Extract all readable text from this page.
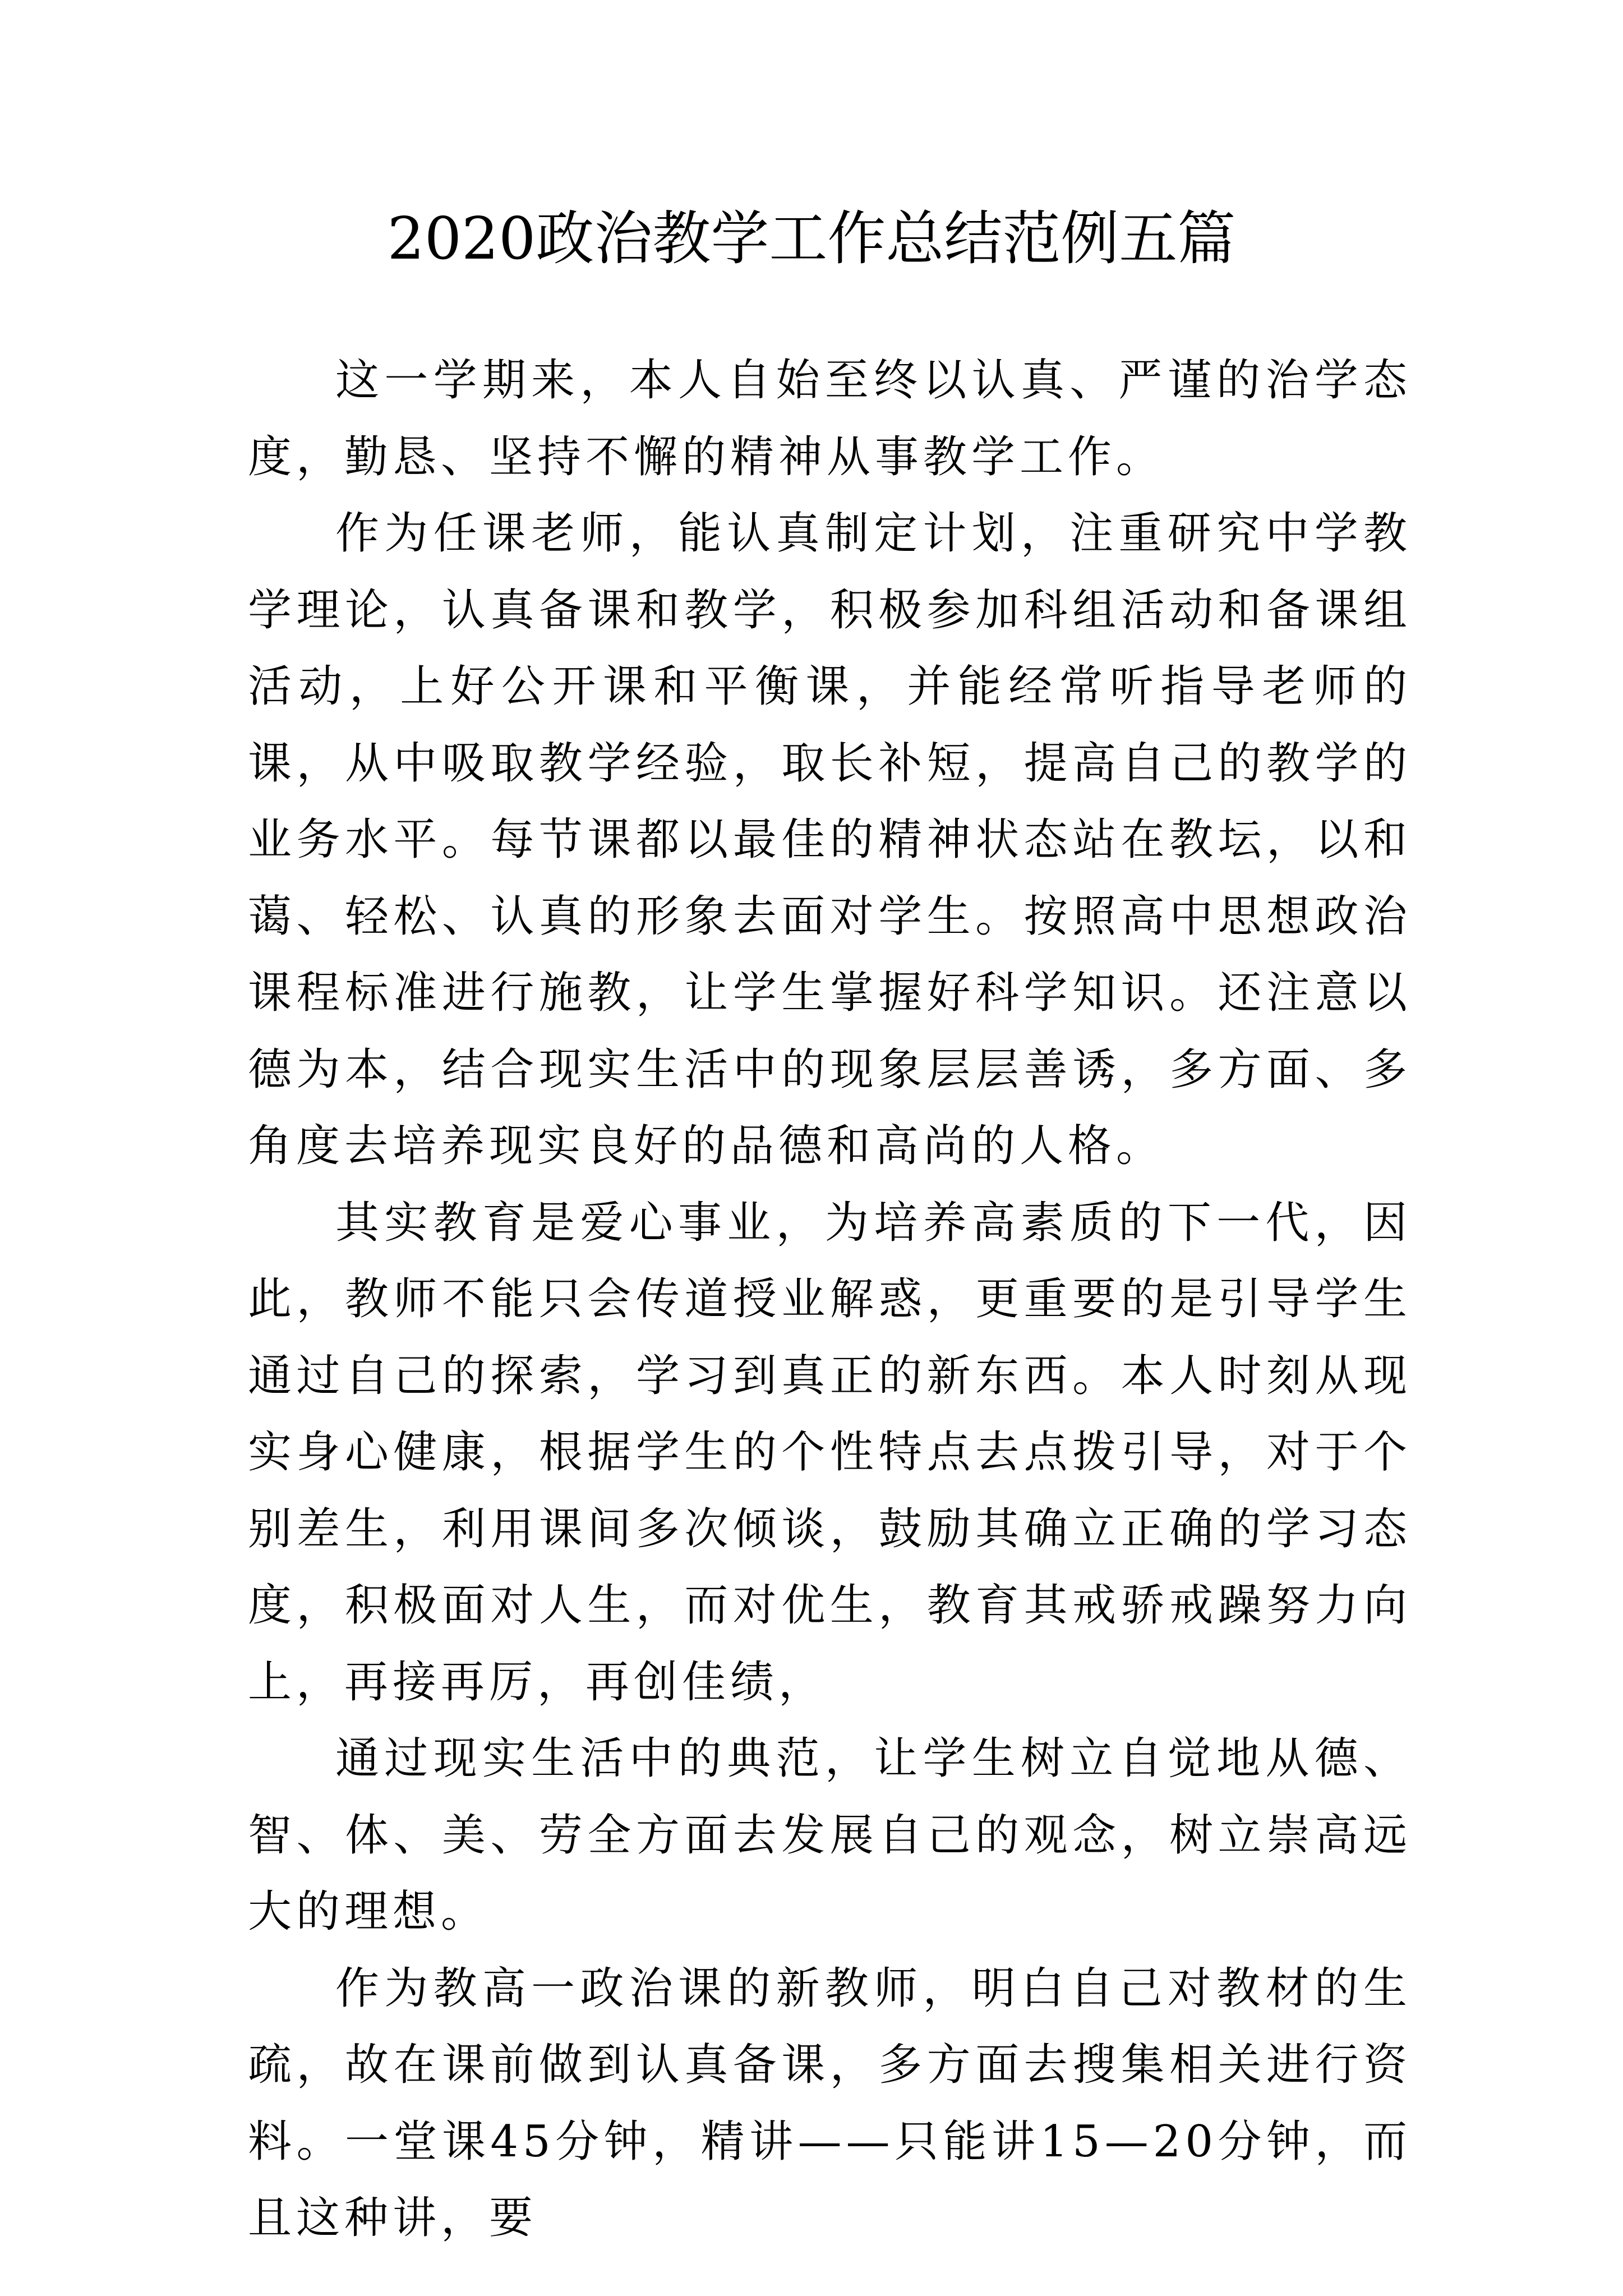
2020政治教学工作总结范例五篇

这一学期来，本人自始至终以认真、严谨的治学态度，勤恳、坚持不懈的精神从事教学工作。

作为任课老师，能认真制定计划，注重研究中学教学理论，认真备课和教学，积极参加科组活动和备课组活动，上好公开课和平衡课，并能经常听指导老师的课，从中吸取教学经验，取长补短，提高自己的教学的业务水平。每节课都以最佳的精神状态站在教坛，以和蔼、轻松、认真的形象去面对学生。按照高中思想政治课程标准进行施教，让学生掌握好科学知识。还注意以德为本，结合现实生活中的现象层层善诱，多方面、多角度去培养现实良好的品德和高尚的人格。

其实教育是爱心事业，为培养高素质的下一代，因此，教师不能只会传道授业解惑，更重要的是引导学生通过自己的探索，学习到真正的新东西。本人时刻从现实身心健康，根据学生的个性特点去点拨引导，对于个别差生，利用课间多次倾谈，鼓励其确立正确的学习态度，积极面对人生，而对优生，教育其戒骄戒躁努力向上，再接再厉，再创佳绩，

通过现实生活中的典范，让学生树立自觉地从德、智、体、美、劳全方面去发展自己的观念，树立崇高远大的理想。

作为教高一政治课的新教师，明白自己对教材的生疏，故在课前做到认真备课，多方面去搜集相关进行资料。一堂课45分钟，精讲——只能讲15—20分钟，而且这种讲，要
